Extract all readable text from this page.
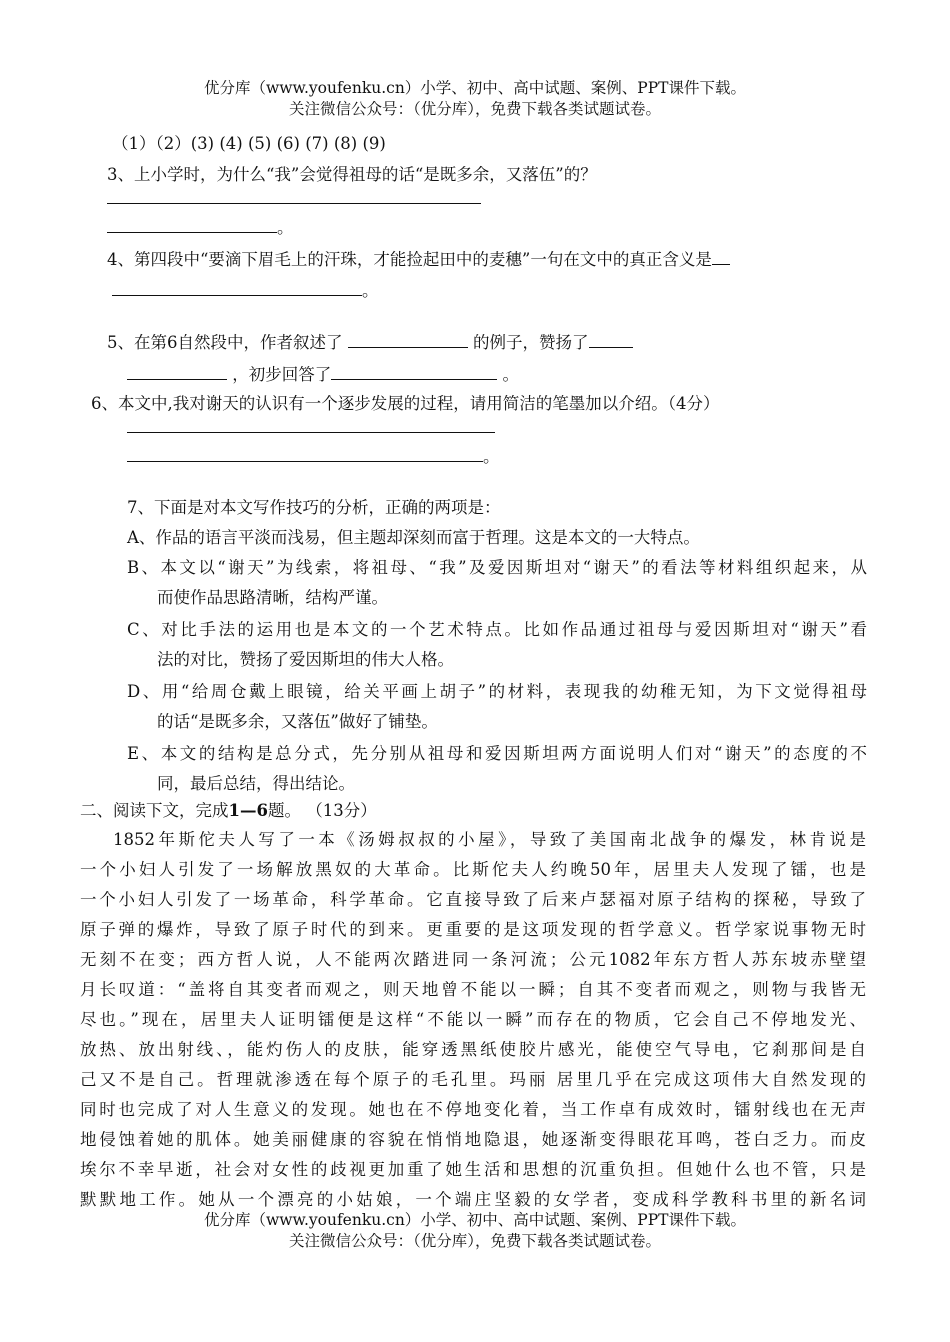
优分库（www.youfenku.cn）小学、初中、高中试题、案例、PPT课件下载。
关注微信公众号：（优分库），免费下载各类试题试卷。
（1）（2）(3) (4) (5) (6) (7) (8) (9)
3、上小学时，为什么“我”会觉得祖母的话“是既多余，又落伍”的？
。
4、第四段中“要滴下眉毛上的汗珠，才能捡起田中的麦穗”一句在文中的真正含义是
。
5、在第6自然段中，作者叙述了	的例子，赞扬了
，初步回答了	。
6、本文中,我对谢天的认识有一个逐步发展的过程，请用简洁的笔墨加以介绍。（4分）
。
7、下面是对本文写作技巧的分析，正确的两项是：
A、作品的语言平淡而浅易，但主题却深刻而富于哲理。这是本文的一大特点。
B、本文以“谢天”为线索，将祖母、“我”及爱因斯坦对“谢天”的看法等材料组织起来，从
而使作品思路清晰，结构严谨。
C、对比手法的运用也是本文的一个艺术特点。比如作品通过祖母与爱因斯坦对“谢天”看
法的对比，赞扬了爱因斯坦的伟大人格。
D、用“给周仓戴上眼镜，给关平画上胡子”的材料，表现我的幼稚无知，为下文觉得祖母
的话“是既多余，又落伍”做好了铺垫。
E、本文的结构是总分式，先分别从祖母和爱因斯坦两方面说明人们对“谢天”的态度的不
同，最后总结，得出结论。
二、阅读下文，完成1—6题。 （13分）
1852年斯佗夫人写了一本《汤姆叔叔的小屋》，导致了美国南北战争的爆发，林肯说是
一个小妇人引发了一场解放黑奴的大革命。比斯佗夫人约晚50年，居里夫人发现了镭，也是
一个小妇人引发了一场革命，科学革命。它直接导致了后来卢瑟福对原子结构的探秘，导致了
原子弹的爆炸，导致了原子时代的到来。更重要的是这项发现的哲学意义。哲学家说事物无时
无刻不在变；西方哲人说，人不能两次踏进同一条河流；公元1082年东方哲人苏东坡赤壁望
月长叹道：“盖将自其变者而观之，则天地曾不能以一瞬；自其不变者而观之，则物与我皆无
尽也。”现在，居里夫人证明镭便是这样“不能以一瞬”而存在的物质，它会自己不停地发光、
放热、放出射线、，能灼伤人的皮肤，能穿透黑纸使胶片感光，能使空气导电，它刹那间是自
己又不是自己。哲理就渗透在每个原子的毛孔里。玛丽 居里几乎在完成这项伟大自然发现的
同时也完成了对人生意义的发现。她也在不停地变化着，当工作卓有成效时，镭射线也在无声
地侵蚀着她的肌体。她美丽健康的容貌在悄悄地隐退，她逐渐变得眼花耳鸣，苍白乏力。而皮
埃尔不幸早逝，社会对女性的歧视更加重了她生活和思想的沉重负担。但她什么也不管，只是
默默地工作。她从一个漂亮的小姑娘，一个端庄坚毅的女学者，变成科学教科书里的新名词
优分库（www.youfenku.cn）小学、初中、高中试题、案例、PPT课件下载。
关注微信公众号：（优分库），免费下载各类试题试卷。
